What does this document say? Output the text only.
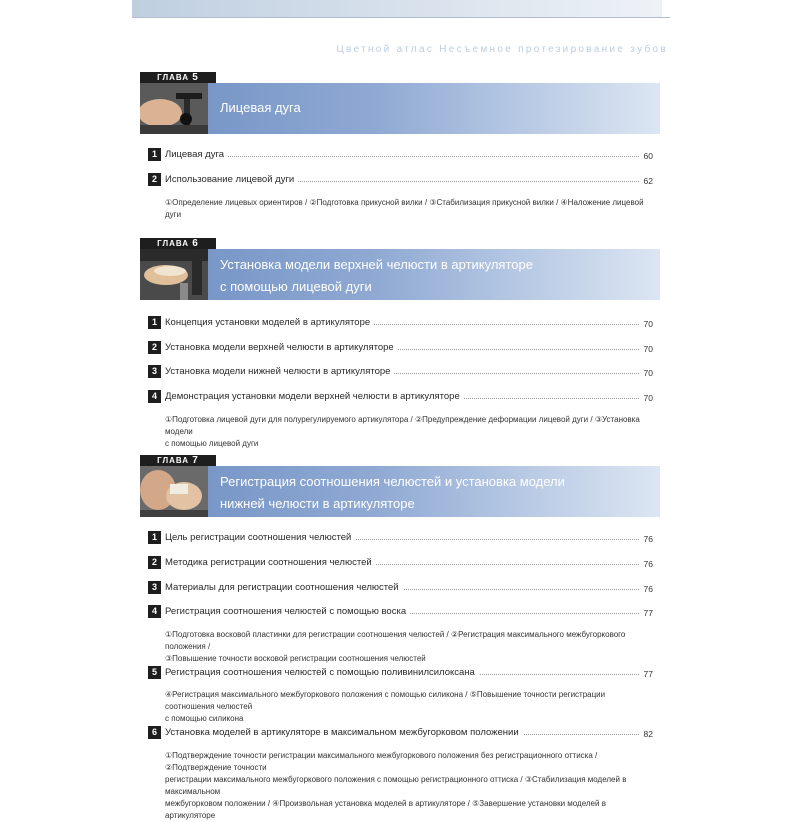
Цветной атлас Несъемное протезирование зубов
ГЛАВА 5
Лицевая дуга
1 Лицевая дуга	60
2 Использование лицевой дуги	62
①Определение лицевых ориентиров / ②Подготовка прикусной вилки / ③Стабилизация прикусной вилки / ④Наложение лицевой дуги
ГЛАВА 6
Установка модели верхней челюсти в артикуляторе
с помощью лицевой дуги
1 Концепция установки моделей в артикуляторе	70
2 Установка модели верхней челюсти в артикуляторе	70
3 Установка модели нижней челюсти в артикуляторе	70
4 Демонстрация установки модели верхней челюсти в артикуляторе	70
①Подготовка лицевой дуги для полурегулируемого артикулятора / ②Предупреждение деформации лицевой дуги / ③Установка модели
с помощью лицевой дуги
ГЛАВА 7
Регистрация соотношения челюстей и установка модели
нижней челюсти в артикуляторе
1 Цель регистрации соотношения челюстей	76
2 Методика регистрации соотношения челюстей	76
3 Материалы для регистрации соотношения челюстей	76
4 Регистрация соотношения челюстей с помощью воска	77
①Подготовка восковой пластинки для регистрации соотношения челюстей / ②Регистрация максимального межбугоркового положения /
③Повышение точности восковой регистрации соотношения челюстей
5 Регистрация соотношения челюстей с помощью поливинилсилоксана	77
④Регистрация максимального межбугоркового положения с помощью силикона / ⑤Повышение точности регистрации соотношения челюстей
с помощью силикона
6 Установка моделей в артикуляторе в максимальном межбугорковом положении	82
①Подтверждение точности регистрации максимального межбугоркового положения без регистрационного оттиска / ②Подтверждение точности
регистрации максимального межбугоркового положения с помощью регистрационного оттиска / ③Стабилизация моделей в максимальном
межбугорковом положении / ④Произвольная установка моделей в артикуляторе / ⑤Завершение установки моделей в артикуляторе
